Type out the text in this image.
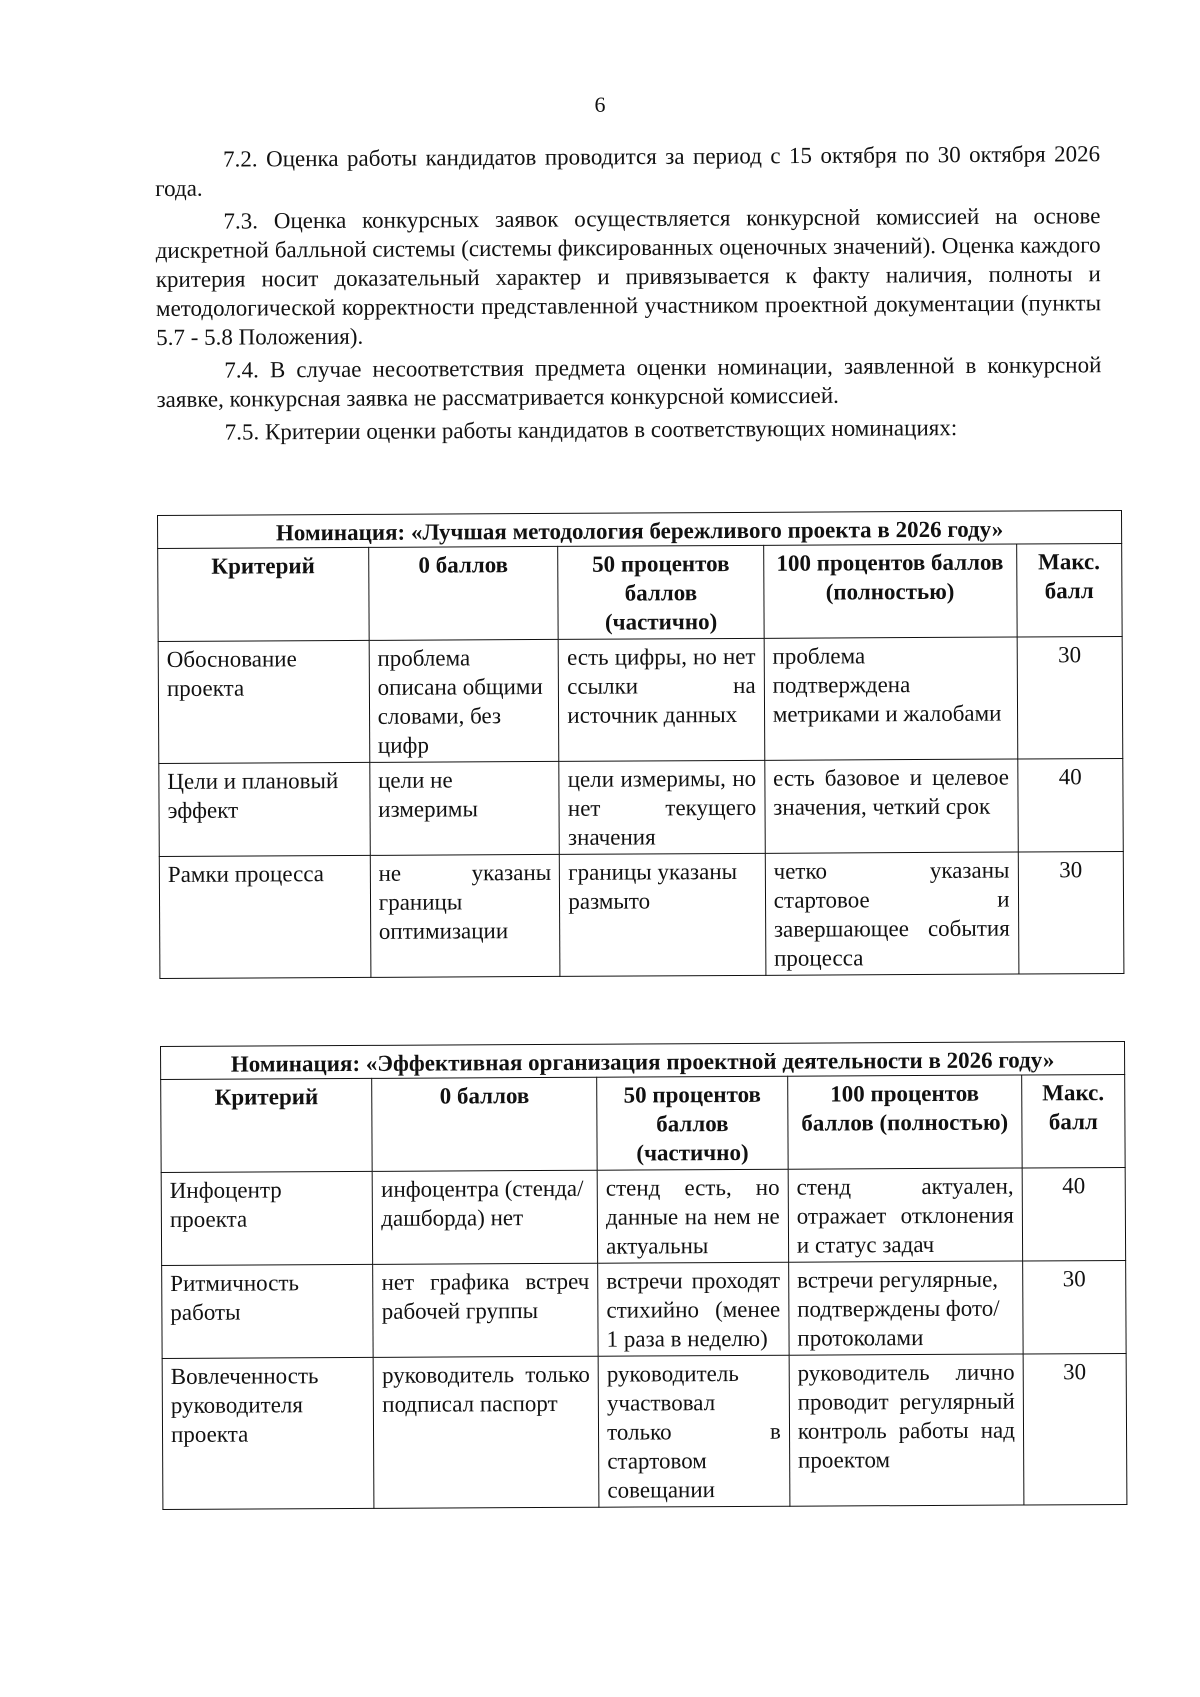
6

7.2. Оценка работы кандидатов проводится за период с 15 октября по 30 октября 2026 года.

7.3. Оценка конкурсных заявок осуществляется конкурсной комиссией на основе дискретной балльной системы (системы фиксированных оценочных значений). Оценка каждого критерия носит доказательный характер и привязывается к факту наличия, полноты и методологической корректности представленной участником проектной документации (пункты 5.7 - 5.8 Положения).

7.4. В случае несоответствия предмета оценки номинации, заявленной в конкурсной заявке, конкурсная заявка не рассматривается конкурсной комиссией.

7.5. Критерии оценки работы кандидатов в соответствующих номинациях:

Номинация: «Лучшая методология бережливого проекта в 2026 году»				
Критерий	0 баллов	50 процентов баллов (частично)	100 процентов баллов (полностью)	Макс. балл
Обоснование проекта	проблема описана общими словами, без цифр	есть цифры, но нет ссылки на источник данных	проблема подтверждена метриками и жалобами	30
Цели и плановый эффект	цели не измеримы	цели измеримы, но нет текущего значения	есть базовое и целевое значения, четкий срок	40
Рамки процесса	не указаны границы оптимизации	границы указаны размыто	четко указаны стартовое и завершающее события процесса	30
Номинация: «Эффективная организация проектной деятельности в 2026 году»				
Критерий	0 баллов	50 процентов баллов (частично)	100 процентов баллов (полностью)	Макс. балл
Инфоцентр проекта	инфоцентра (стенда/дашборда) нет	стенд есть, но данные на нем не актуальны	стенд актуален, отражает отклонения и статус задач	40
Ритмичность работы	нет графика встреч рабочей группы	встречи проходят стихийно (менее 1 раза в неделю)	встречи регулярные, подтверждены фото/протоколами	30
Вовлеченность руководителя проекта	руководитель только подписал паспорт	руководитель участвовал только в стартовом совещании	руководитель лично проводит регулярный контроль работы над проектом	30
